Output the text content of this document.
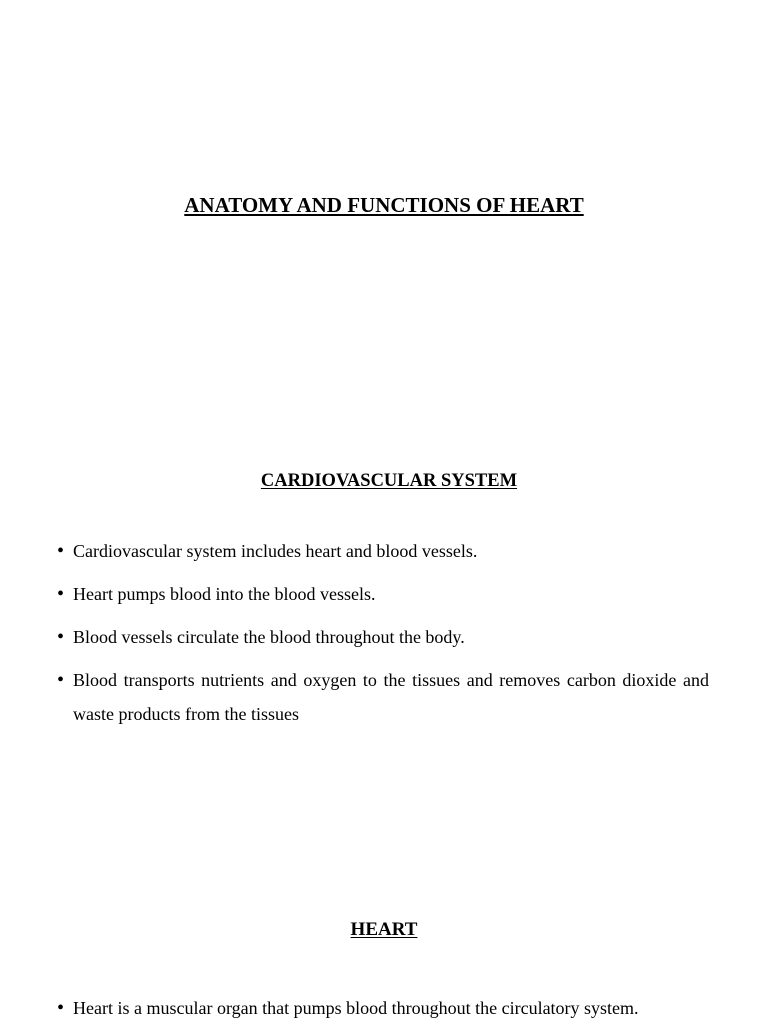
ANATOMY AND FUNCTIONS OF HEART
CARDIOVASCULAR SYSTEM
• Cardiovascular system includes heart and blood vessels.
• Heart pumps blood into the blood vessels.
• Blood vessels circulate the blood throughout the body.
• Blood transports nutrients and oxygen to the tissues and removes carbon dioxide and waste products from the tissues
HEART
• Heart is a muscular organ that pumps blood throughout the circulatory system.
